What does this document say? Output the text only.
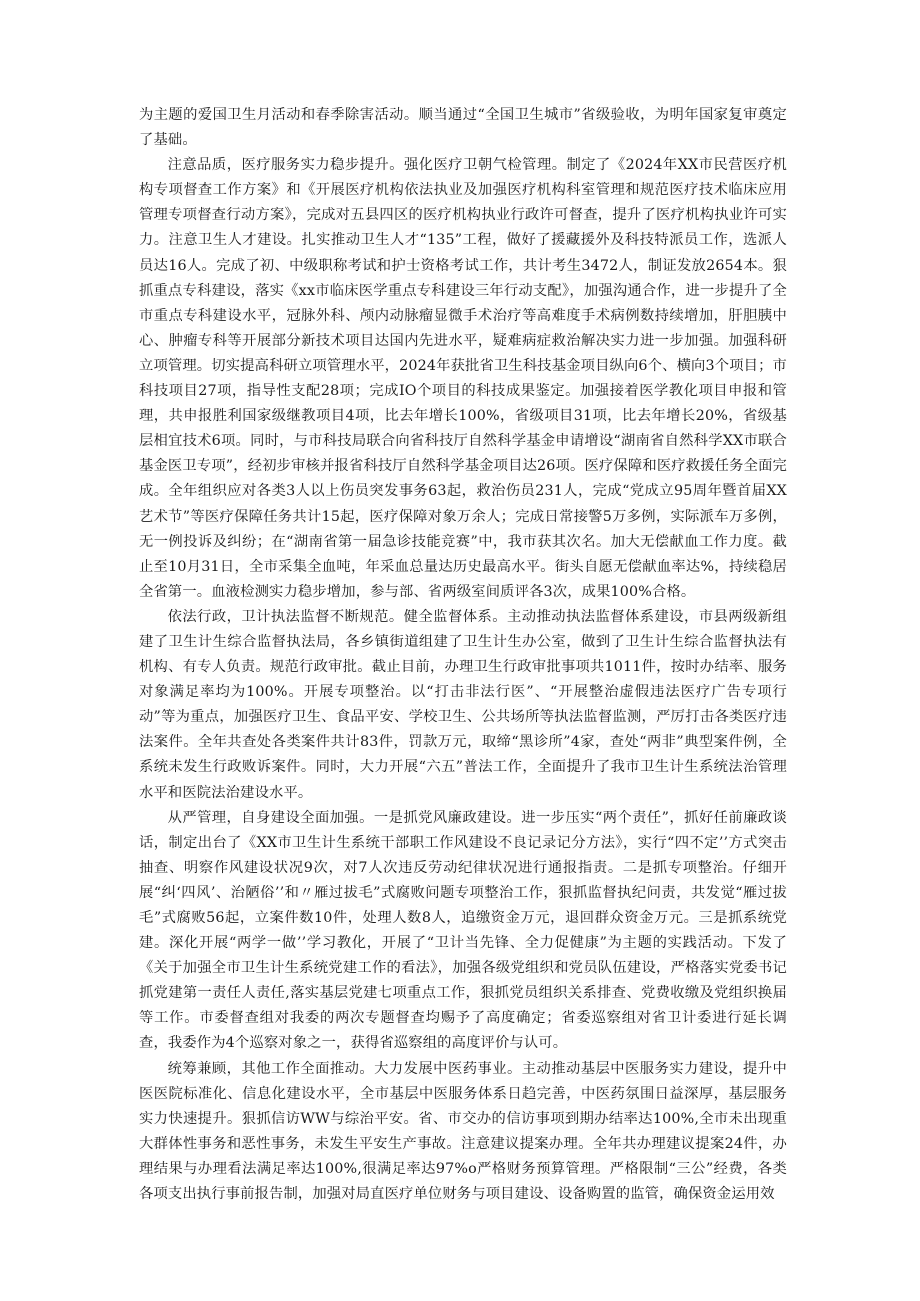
为主题的爱国卫生月活动和春季除害活动。顺当通过“全国卫生城市”省级验收，为明年国家复审奠定了基础。

注意品质，医疗服务实力稳步提升。强化医疗卫朝气检管理。制定了《2024年XX市民营医疗机构专项督查工作方案》和《开展医疗机构依法执业及加强医疗机构科室管理和规范医疗技术临床应用管理专项督查行动方案》，完成对五县四区的医疗机构执业行政许可督查，提升了医疗机构执业许可实力。注意卫生人才建设。扎实推动卫生人才“135”工程，做好了援藏援外及科技特派员工作，选派人员达16人。完成了初、中级职称考试和护士资格考试工作，共计考生3472人，制证发放2654本。狠抓重点专科建设，落实《xx市临床医学重点专科建设三年行动支配》，加强沟通合作，进一步提升了全市重点专科建设水平，冠脉外科、颅内动脉瘤显微手术治疗等高难度手术病例数持续增加，肝胆胰中心、肿瘤专科等开展部分新技术项目达国内先进水平，疑难病症救治解决实力进一步加强。加强科研立项管理。切实提高科研立项管理水平，2024年获批省卫生科技基金项目纵向6个、横向3个项目；市科技项目27项，指导性支配28项；完成IO个项目的科技成果鉴定。加强接着医学教化项目申报和管理，共申报胜利国家级继教项目4项，比去年增长100%，省级项目31项，比去年增长20%，省级基层相宜技术6项。同时，与市科技局联合向省科技厅自然科学基金申请增设“湖南省自然科学XX市联合基金医卫专项”，经初步审核并报省科技厅自然科学基金项目达26项。医疗保障和医疗救援任务全面完成。全年组织应对各类3人以上伤员突发事务63起，救治伤员231人，完成“党成立95周年暨首届XX艺术节”等医疗保障任务共计15起，医疗保障对象万余人；完成日常接警5万多例，实际派车万多例，无一例投诉及纠纷；在“湖南省第一届急诊技能竞赛”中，我市获其次名。加大无偿献血工作力度。截止至10月31日，全市采集全血吨，年采血总量达历史最高水平。街头自愿无偿献血率达%，持续稳居全省第一。血液检测实力稳步增加，参与部、省两级室间质评各3次，成果100%合格。

依法行政，卫计执法监督不断规范。健全监督体系。主动推动执法监督体系建设，市县两级新组建了卫生计生综合监督执法局，各乡镇街道组建了卫生计生办公室，做到了卫生计生综合监督执法有机构、有专人负责。规范行政审批。截止目前，办理卫生行政审批事项共1011件，按时办结率、服务对象满足率均为100%。开展专项整治。以“打击非法行医”、“开展整治虚假违法医疗广告专项行动”等为重点，加强医疗卫生、食品平安、学校卫生、公共场所等执法监督监测，严厉打击各类医疗违法案件。全年共查处各类案件共计83件，罚款万元，取缔“黑诊所”4家，查处“两非”典型案件例，全系统未发生行政败诉案件。同时，大力开展“六五”普法工作，全面提升了我市卫生计生系统法治管理水平和医院法治建设水平。

从严管理，自身建设全面加强。一是抓党风廉政建设。进一步压实“两个责任”，抓好任前廉政谈话，制定出台了《XX市卫生计生系统干部职工作风建设不良记录记分方法》，实行“四不定’’方式突击抽查、明察作风建设状况9次，对7人次违反劳动纪律状况进行通报指责。二是抓专项整治。仔细开展“纠‘四风’、治陋俗’’和〃雁过拔毛”式腐败问题专项整治工作，狠抓监督执纪问责，共发觉“雁过拔毛”式腐败56起，立案件数10件，处理人数8人，追缴资金万元，退回群众资金万元。三是抓系统党建。深化开展“两学一做’’学习教化，开展了“卫计当先锋、全力促健康”为主题的实践活动。下发了《关于加强全市卫生计生系统党建工作的看法》，加强各级党组织和党员队伍建设，严格落实党委书记抓党建第一责任人责任,落实基层党建七项重点工作，狠抓党员组织关系排查、党费收缴及党组织换届等工作。市委督查组对我委的两次专题督查均赐予了高度确定；省委巡察组对省卫计委进行延长调查，我委作为4个巡察对象之一，获得省巡察组的高度评价与认可。

统筹兼顾，其他工作全面推动。大力发展中医药事业。主动推动基层中医服务实力建设，提升中医医院标准化、信息化建设水平，全市基层中医服务体系日趋完善，中医药氛围日益深厚，基层服务实力快速提升。狠抓信访WW与综治平安。省、市交办的信访事项到期办结率达100%,全市未出现重大群体性事务和恶性事务，未发生平安生产事故。注意建议提案办理。全年共办理建议提案24件，办理结果与办理看法满足率达100%,很满足率达97%o严格财务预算管理。严格限制“三公”经费，各类各项支出执行事前报告制，加强对局直医疗单位财务与项目建设、设备购置的监管，确保资金运用效
